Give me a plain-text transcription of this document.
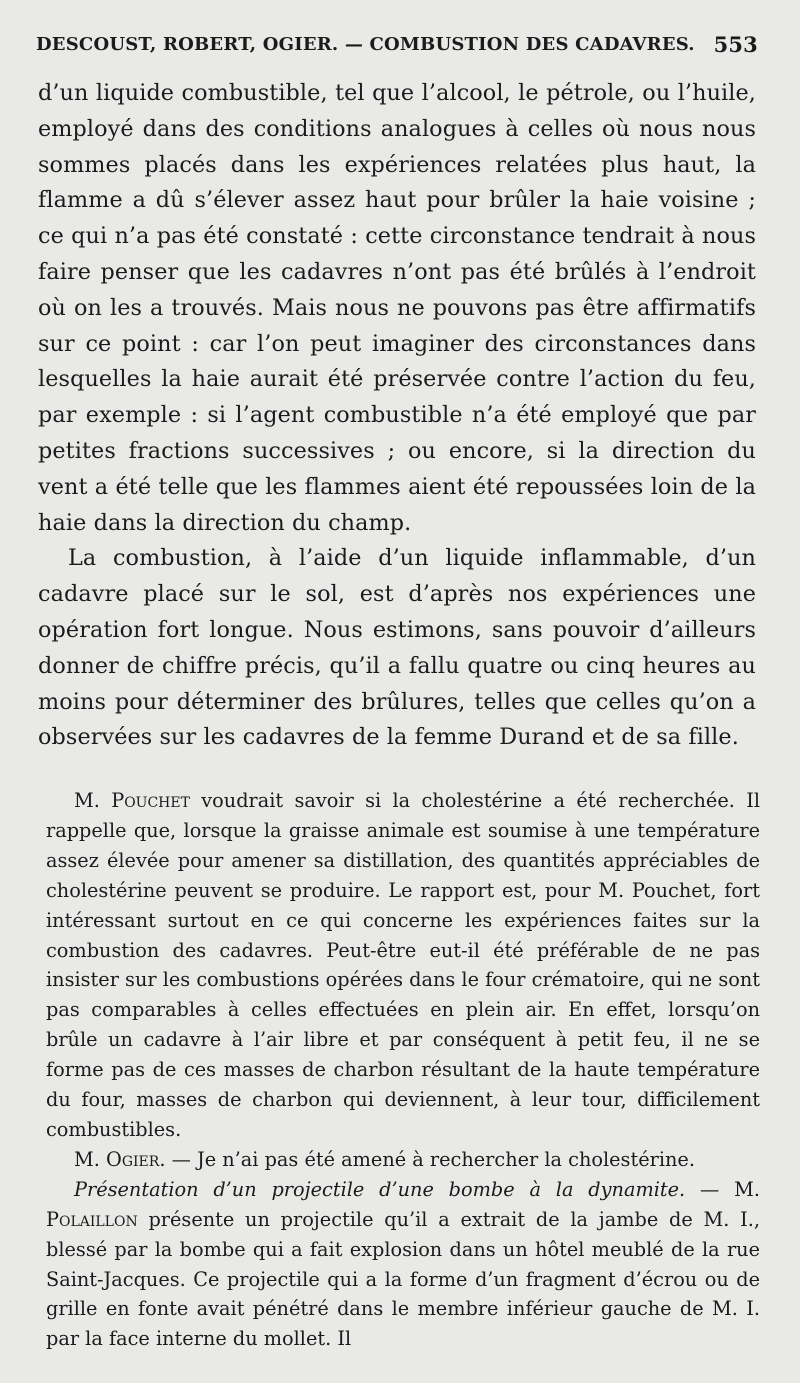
DESCOUST, ROBERT, OGIER. — COMBUSTION DES CADAVRES. 553

d’un liquide combustible, tel que l’alcool, le pétrole, ou l’huile, employé dans des conditions analogues à celles où nous nous sommes placés dans les expériences relatées plus haut, la flamme a dû s’élever assez haut pour brûler la haie voisine ; ce qui n’a pas été constaté : cette circonstance tendrait à nous faire penser que les cadavres n’ont pas été brûlés à l’endroit où on les a trouvés. Mais nous ne pouvons pas être affirmatifs sur ce point : car l’on peut imaginer des circonstances dans lesquelles la haie aurait été préservée contre l’action du feu, par exemple : si l’agent combustible n’a été employé que par petites fractions successives ; ou encore, si la direction du vent a été telle que les flammes aient été repoussées loin de la haie dans la direction du champ.

La combustion, à l’aide d’un liquide inflammable, d’un cadavre placé sur le sol, est d’après nos expériences une opération fort longue. Nous estimons, sans pouvoir d’ailleurs donner de chiffre précis, qu’il a fallu quatre ou cinq heures au moins pour déterminer des brûlures, telles que celles qu’on a observées sur les cadavres de la femme Durand et de sa fille.

M. Pouchet voudrait savoir si la cholestérine a été recherchée. Il rappelle que, lorsque la graisse animale est soumise à une température assez élevée pour amener sa distillation, des quantités appréciables de cholestérine peuvent se produire. Le rapport est, pour M. Pouchet, fort intéressant surtout en ce qui concerne les expériences faites sur la combustion des cadavres. Peut-être eut-il été préférable de ne pas insister sur les combustions opérées dans le four crématoire, qui ne sont pas comparables à celles effectuées en plein air. En effet, lorsqu’on brûle un cadavre à l’air libre et par conséquent à petit feu, il ne se forme pas de ces masses de charbon résultant de la haute température du four, masses de charbon qui deviennent, à leur tour, difficilement combustibles.

M. Ogier. — Je n’ai pas été amené à rechercher la cholestérine.

Présentation d’un projectile d’une bombe à la dynamite. — M. Polaillon présente un projectile qu’il a extrait de la jambe de M. I., blessé par la bombe qui a fait explosion dans un hôtel meublé de la rue Saint-Jacques. Ce projectile qui a la forme d’un fragment d’écrou ou de grille en fonte avait pénétré dans le membre inférieur gauche de M. I. par la face interne du mollet. Il
